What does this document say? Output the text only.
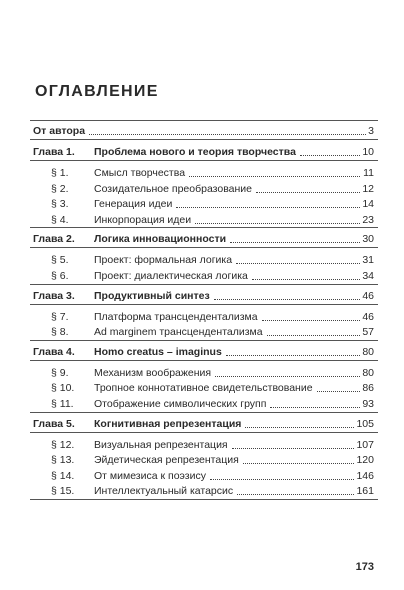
ОГЛАВЛЕНИЕ
От автора	3
Глава 1. Проблема нового и теория творчества	10
§ 1. Смысл творчества	11
§ 2. Созидательное преобразование	12
§ 3. Генерация идеи	14
§ 4. Инкорпорация идеи	23
Глава 2. Логика инновационности	30
§ 5. Проект: формальная логика	31
§ 6. Проект: диалектическая логика	34
Глава 3. Продуктивный синтез	46
§ 7. Платформа трансцендентализма	46
§ 8. Ad marginem трансцендентализма	57
Глава 4. Homo creatus – imaginus	80
§ 9. Механизм воображения	80
§ 10. Тропное коннотативное свидетельствование	86
§ 11. Отображение символических групп	93
Глава 5. Когнитивная репрезентация	105
§ 12. Визуальная репрезентация	107
§ 13. Эйдетическая репрезентация	120
§ 14. От мимезиса к поэзису	146
§ 15. Интеллектуальный катарсис	161
173
